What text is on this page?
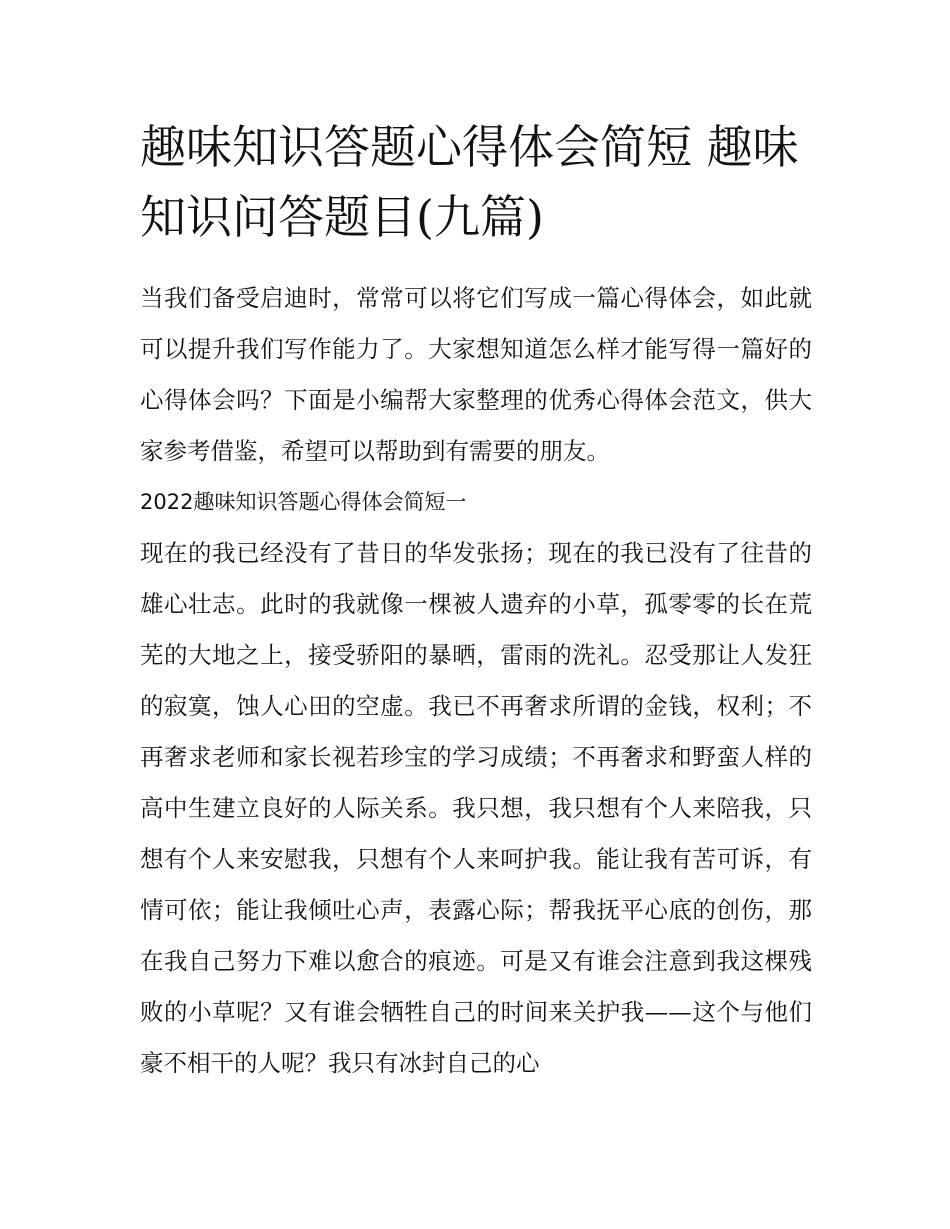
趣味知识答题心得体会简短 趣味知识问答题目(九篇)

当我们备受启迪时，常常可以将它们写成一篇心得体会，如此就可以提升我们写作能力了。大家想知道怎么样才能写得一篇好的心得体会吗？下面是小编帮大家整理的优秀心得体会范文，供大家参考借鉴，希望可以帮助到有需要的朋友。

2022趣味知识答题心得体会简短一

现在的我已经没有了昔日的华发张扬；现在的我已没有了往昔的雄心壮志。此时的我就像一棵被人遗弃的小草，孤零零的长在荒芜的大地之上，接受骄阳的暴晒，雷雨的洗礼。忍受那让人发狂的寂寞，蚀人心田的空虚。我已不再奢求所谓的金钱，权利；不再奢求老师和家长视若珍宝的学习成绩；不再奢求和野蛮人样的高中生建立良好的人际关系。我只想，我只想有个人来陪我，只想有个人来安慰我，只想有个人来呵护我。能让我有苦可诉，有情可依；能让我倾吐心声，表露心际；帮我抚平心底的创伤，那在我自己努力下难以愈合的痕迹。可是又有谁会注意到我这棵残败的小草呢？又有谁会牺牲自己的时间来关护我——这个与他们豪不相干的人呢？我只有冰封自己的心
